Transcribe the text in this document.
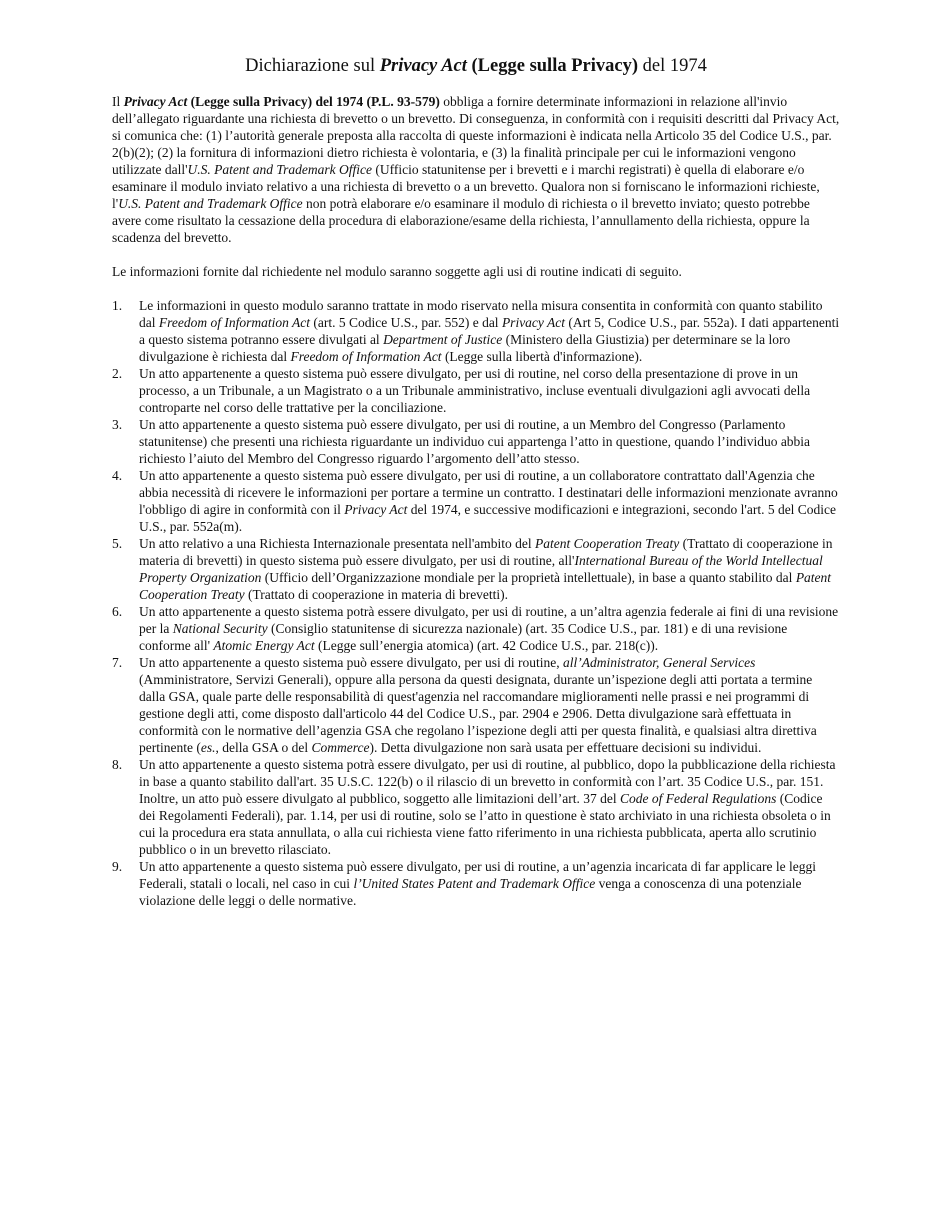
Dichiarazione sul Privacy Act (Legge sulla Privacy) del 1974

Il Privacy Act (Legge sulla Privacy) del 1974 (P.L. 93-579) obbliga a fornire determinate informazioni in relazione all'invio dell’allegato riguardante una richiesta di brevetto o un brevetto. Di conseguenza, in conformità con i requisiti descritti dal Privacy Act, si comunica che: (1) l’autorità generale preposta alla raccolta di queste informazioni è indicata nella Articolo 35 del Codice U.S., par. 2(b)(2); (2) la fornitura di informazioni dietro richiesta è volontaria, e (3) la finalità principale per cui le informazioni vengono utilizzate dall'U.S. Patent and Trademark Office (Ufficio statunitense per i brevetti e i marchi registrati) è quella di elaborare e/o esaminare il modulo inviato relativo a una richiesta di brevetto o a un brevetto. Qualora non si forniscano le informazioni richieste, l'U.S. Patent and Trademark Office non potrà elaborare e/o esaminare il modulo di richiesta o il brevetto inviato; questo potrebbe avere come risultato la cessazione della procedura di elaborazione/esame della richiesta, l’annullamento della richiesta, oppure la scadenza del brevetto.

Le informazioni fornite dal richiedente nel modulo saranno soggette agli usi di routine indicati di seguito.

1. Le informazioni in questo modulo saranno trattate in modo riservato nella misura consentita in conformità con quanto stabilito dal Freedom of Information Act (art. 5 Codice U.S., par. 552) e dal Privacy Act (Art 5, Codice U.S., par. 552a). I dati appartenenti a questo sistema potranno essere divulgati al Department of Justice (Ministero della Giustizia) per determinare se la loro divulgazione è richiesta dal Freedom of Information Act (Legge sulla libertà d'informazione).
2. Un atto appartenente a questo sistema può essere divulgato, per usi di routine, nel corso della presentazione di prove in un processo, a un Tribunale, a un Magistrato o a un Tribunale amministrativo, incluse eventuali divulgazioni agli avvocati della controparte nel corso delle trattative per la conciliazione.
3. Un atto appartenente a questo sistema può essere divulgato, per usi di routine, a un Membro del Congresso (Parlamento statunitense) che presenti una richiesta riguardante un individuo cui appartenga l’atto in questione, quando l’individuo abbia richiesto l’aiuto del Membro del Congresso riguardo l’argomento dell’atto stesso.
4. Un atto appartenente a questo sistema può essere divulgato, per usi di routine, a un collaboratore contrattato dall'Agenzia che abbia necessità di ricevere le informazioni per portare a termine un contratto. I destinatari delle informazioni menzionate avranno l'obbligo di agire in conformità con il Privacy Act del 1974, e successive modificazioni e integrazioni, secondo l'art. 5 del Codice U.S., par. 552a(m).
5. Un atto relativo a una Richiesta Internazionale presentata nell'ambito del Patent Cooperation Treaty (Trattato di cooperazione in materia di brevetti) in questo sistema può essere divulgato, per usi di routine, all'International Bureau of the World Intellectual Property Organization (Ufficio dell’Organizzazione mondiale per la proprietà intellettuale), in base a quanto stabilito dal Patent Cooperation Treaty (Trattato di cooperazione in materia di brevetti).
6. Un atto appartenente a questo sistema potrà essere divulgato, per usi di routine, a un’altra agenzia federale ai fini di una revisione per la National Security (Consiglio statunitense di sicurezza nazionale) (art. 35 Codice U.S., par. 181) e di una revisione conforme all' Atomic Energy Act (Legge sull’energia atomica) (art. 42 Codice U.S., par. 218(c)).
7. Un atto appartenente a questo sistema può essere divulgato, per usi di routine, all’Administrator, General Services (Amministratore, Servizi Generali), oppure alla persona da questi designata, durante un’ispezione degli atti portata a termine dalla GSA, quale parte delle responsabilità di quest'agenzia nel raccomandare miglioramenti nelle prassi e nei programmi di gestione degli atti, come disposto dall'articolo 44 del Codice U.S., par. 2904 e 2906. Detta divulgazione sarà effettuata in conformità con le normative dell’agenzia GSA che regolano l’ispezione degli atti per questa finalità, e qualsiasi altra direttiva pertinente (es., della GSA o del Commerce). Detta divulgazione non sarà usata per effettuare decisioni su individui.
8. Un atto appartenente a questo sistema potrà essere divulgato, per usi di routine, al pubblico, dopo la pubblicazione della richiesta in base a quanto stabilito dall'art. 35 U.S.C. 122(b) o il rilascio di un brevetto in conformità con l’art. 35 Codice U.S., par. 151. Inoltre, un atto può essere divulgato al pubblico, soggetto alle limitazioni dell’art. 37 del Code of Federal Regulations (Codice dei Regolamenti Federali), par. 1.14, per usi di routine, solo se l’atto in questione è stato archiviato in una richiesta obsoleta o in cui la procedura era stata annullata, o alla cui richiesta viene fatto riferimento in una richiesta pubblicata, aperta allo scrutinio pubblico o in un brevetto rilasciato.
9. Un atto appartenente a questo sistema può essere divulgato, per usi di routine, a un’agenzia incaricata di far applicare le leggi Federali, statali o locali, nel caso in cui l’United States Patent and Trademark Office venga a conoscenza di una potenziale violazione delle leggi o delle normative.
